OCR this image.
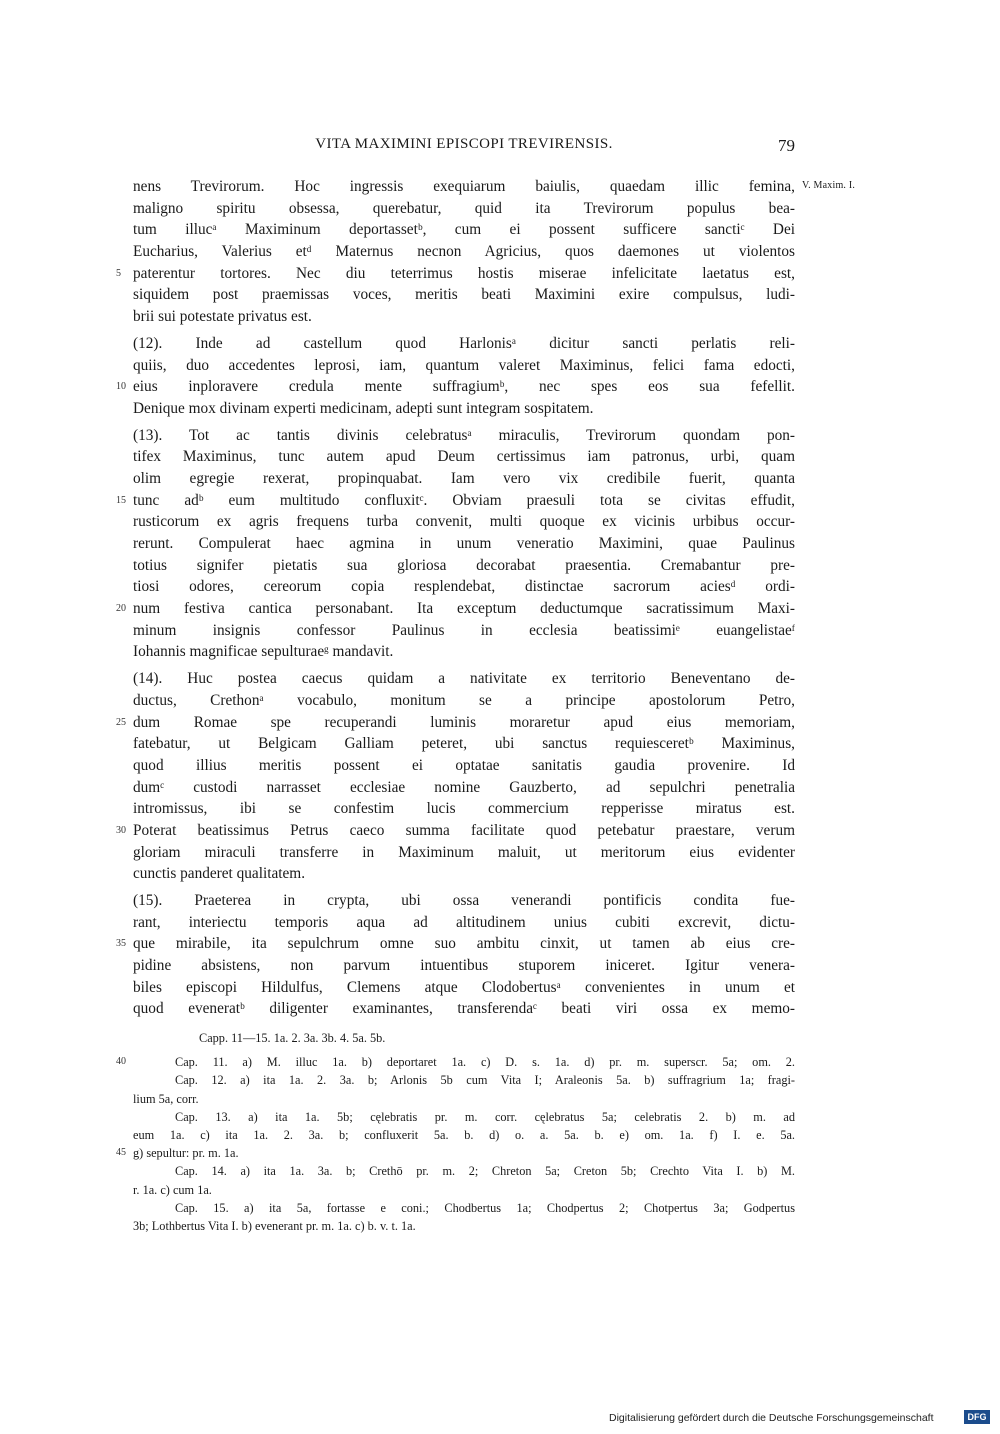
VITA MAXIMINI EPISCOPI TREVIRENSIS.	79
V. Maxim. I.
nens Trevirorum. Hoc ingressis exequiarum baiulis, quaedam illic femina,
maligno spiritu obsessa, querebatur, quid ita Trevirorum populus bea-
tum illucᵃ Maximinum deportassetᵇ, cum ei possent sufficere sanctiᶜ Dei
Eucharius, Valerius etᵈ Maternus necnon Agricius, quos daemones ut violentos
5 paterentur tortores. Nec diu teterrimus hostis miserae infelicitate laetatus est,
siquidem post praemissas voces, meritis beati Maximini exire compulsus, ludi-
brii sui potestate privatus est.
(12). Inde ad castellum quod Harlonisᵃ dicitur sancti perlatis reli-
quiis, duo accedentes leprosi, iam, quantum valeret Maximinus, felici fama edocti,
10 eius inploravere credula mente suffragiumᵇ, nec spes eos sua fefellit.
Denique mox divinam experti medicinam, adepti sunt integram sospitatem.
(13). Tot ac tantis divinis celebratusᵃ miraculis, Trevirorum quondam pon-
tifex Maximinus, tunc autem apud Deum certissimus iam patronus, urbi, quam
olim egregie rexerat, propinquabat. Iam vero vix credibile fuerit, quanta
15 tunc adᵇ eum multitudo confluxitᶜ. Obviam praesuli tota se civitas effudit,
rusticorum ex agris frequens turba convenit, multi quoque ex vicinis urbibus occur-
rerunt. Compulerat haec agmina in unum veneratio Maximini, quae Paulinus
totius signifer pietatis sua gloriosa decorabat praesentia. Cremabantur pre-
tiosi odores, cereorum copia resplendebat, distinctae sacrorum aciesᵈ ordi-
20 num festiva cantica personabant. Ita exceptum deductumque sacratissimum Maxi-
minum insignis confessor Paulinus in ecclesia beatissimiᵉ euangelistaeᶠ
Iohannis magnificae sepulturaeᵍ mandavit.
(14). Huc postea caecus quidam a nativitate ex territorio Beneventano de-
ductus, Crethonᵃ vocabulo, monitum se a principe apostolorum Petro,
25 dum Romae spe recuperandi luminis moraretur apud eius memoriam,
fatebatur, ut Belgicam Galliam peteret, ubi sanctus requiesceretᵇ Maximinus,
quod illius meritis possent ei optatae sanitatis gaudia provenire. Id
dumᶜ custodi narrasset ecclesiae nomine Gauzberto, ad sepulchri penetralia
intromissus, ibi se confestim lucis commercium repperisse miratus est.
30 Poterat beatissimus Petrus caeco summa facilitate quod petebatur praestare, verum
gloriam miraculi transferre in Maximinum maluit, ut meritorum eius evidenter
cunctis panderet qualitatem.
(15). Praeterea in crypta, ubi ossa venerandi pontificis condita fue-
rant, interiectu temporis aqua ad altitudinem unius cubiti excrevit, dictu-
35 que mirabile, ita sepulchrum omne suo ambitu cinxit, ut tamen ab eius cre-
pidine absistens, non parvum intuentibus stuporem iniceret. Igitur venera-
biles episcopi Hildulfus, Clemens atque Clodobertusᵃ convenientes in unum et
quod eveneratᵇ diligenter examinantes, transferendaᶜ beati viri ossa ex memo-
Capp. 11—15. 1a. 2. 3a. 3b. 4. 5a. 5b.
40	Cap. 11. a) M. illuc 1a. b) deportaret 1a. c) D. s. 1a. d) pr. m. superscr. 5a; om. 2.
Cap. 12. a) ita 1a. 2. 3a. b; Arlonis 5b cum Vita I; Araleonis 5a. b) suffragrium 1a; fragi-
lium 5a, corr.
Cap. 13. a) ita 1a. 5b; cęlebratis pr. m. corr. cęlebratus 5a; celebratis 2. b) m. ad
eum 1a. c) ita 1a. 2. 3a. b; confluxerit 5a. b. d) o. a. 5a. b. e) om. 1a. f) I. e. 5a.
45 g) sepultur: pr. m. 1a.
Cap. 14. a) ita 1a. 3a. b; Crethō pr. m. 2; Chreton 5a; Creton 5b; Crechto Vita I. b) M.
r. 1a. c) cum 1a.
Cap. 15. a) ita 5a, fortasse e coni.; Chodbertus 1a; Chodpertus 2; Chotpertus 3a; Godpertus
3b; Lothbertus Vita I. b) evenerant pr. m. 1a. c) b. v. t. 1a.
Digitalisierung gefördert durch die Deutsche Forschungsgemeinschaft	DFG
